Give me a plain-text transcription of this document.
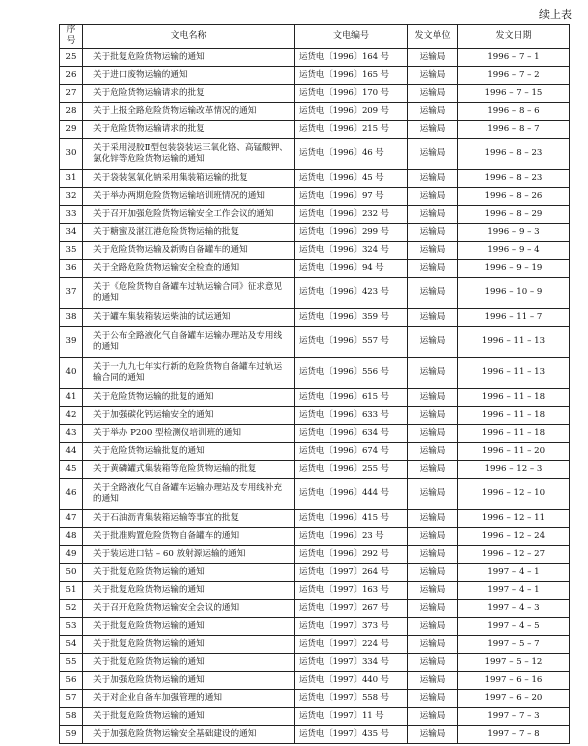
续上表
序号	文电名称	文电编号	发文单位	发文日期
25	关于批复危险货物运输的通知	运货电〔1996〕164 号	运输局	1996 – 7 – 1
26	关于进口废物运输的通知	运货电〔1996〕165 号	运输局	1996 – 7 – 2
27	关于危险货物运输请求的批复	运货电〔1996〕170 号	运输局	1996 – 7 – 15
28	关于上报全路危险货物运输改革情况的通知	运货电〔1996〕209 号	运输局	1996 – 8 – 6
29	关于危险货物运输请求的批复	运货电〔1996〕215 号	运输局	1996 – 8 – 7
30	关于采用浸胶Ⅱ型包装袋装运三氧化铬、高锰酸钾、氯化锌等危险货物运输的通知	运货电〔1996〕46 号	运输局	1996 – 8 – 23
31	关于袋装氢氧化钠采用集装箱运输的批复	运货电〔1996〕45 号	运输局	1996 – 8 – 23
32	关于举办两期危险货物运输培训班情况的通知	运货电〔1996〕97 号	运输局	1996 – 8 – 26
33	关于召开加强危险货物运输安全工作会议的通知	运货电〔1996〕232 号	运输局	1996 – 8 – 29
34	关于糖蜜及湛江港危险货物运输的批复	运货电〔1996〕299 号	运输局	1996 – 9 – 3
35	关于危险货物运输及新购自备罐车的通知	运货电〔1996〕324 号	运输局	1996 – 9 – 4
36	关于全路危险货物运输安全检查的通知	运货电〔1996〕94 号	运输局	1996 – 9 – 19
37	关于《危险货物自备罐车过轨运输合同》征求意见的通知	运货电〔1996〕423 号	运输局	1996 – 10 – 9
38	关于罐车集装箱装运柴油的试运通知	运货电〔1996〕359 号	运输局	1996 – 11 – 7
39	关于公布全路液化气自备罐车运输办理站及专用线的通知	运货电〔1996〕557 号	运输局	1996 – 11 – 13
40	关于一九九七年实行新的危险货物自备罐车过轨运输合同的通知	运货电〔1996〕556 号	运输局	1996 – 11 – 13
41	关于危险货物运输的批复的通知	运货电〔1996〕615 号	运输局	1996 – 11 – 18
42	关于加强碳化钙运输安全的通知	运货电〔1996〕633 号	运输局	1996 – 11 – 18
43	关于举办 P200 型检测仪培训班的通知	运货电〔1996〕634 号	运输局	1996 – 11 – 18
44	关于危险货物运输批复的通知	运货电〔1996〕674 号	运输局	1996 – 11 – 20
45	关于黄磷罐式集装箱等危险货物运输的批复	运货电〔1996〕255 号	运输局	1996 – 12 – 3
46	关于全路液化气自备罐车运输办理站及专用线补充的通知	运货电〔1996〕444 号	运输局	1996 – 12 – 10
47	关于石油沥青集装箱运输等事宜的批复	运货电〔1996〕415 号	运输局	1996 – 12 – 11
48	关于批准购置危险货物自备罐车的通知	运货电〔1996〕23 号	运输局	1996 – 12 – 24
49	关于装运进口钴 – 60 放射源运输的通知	运货电〔1996〕292 号	运输局	1996 – 12 – 27
50	关于批复危险货物运输的通知	运货电〔1997〕264 号	运输局	1997 – 4 – 1
51	关于批复危险货物运输的通知	运货电〔1997〕163 号	运输局	1997 – 4 – 1
52	关于召开危险货物运输安全会议的通知	运货电〔1997〕267 号	运输局	1997 – 4 – 3
53	关于批复危险货物运输的通知	运货电〔1997〕373 号	运输局	1997 – 4 – 5
54	关于批复危险货物运输的通知	运货电〔1997〕224 号	运输局	1997 – 5 – 7
55	关于批复危险货物运输的通知	运货电〔1997〕334 号	运输局	1997 – 5 – 12
56	关于加强危险货物运输的通知	运货电〔1997〕440 号	运输局	1997 – 6 – 16
57	关于对企业自备车加强管理的通知	运货电〔1997〕558 号	运输局	1997 – 6 – 20
58	关于批复危险货物运输的通知	运货电〔1997〕11 号	运输局	1997 – 7 – 3
59	关于加强危险货物运输安全基础建设的通知	运货电〔1997〕435 号	运输局	1997 – 7 – 8
